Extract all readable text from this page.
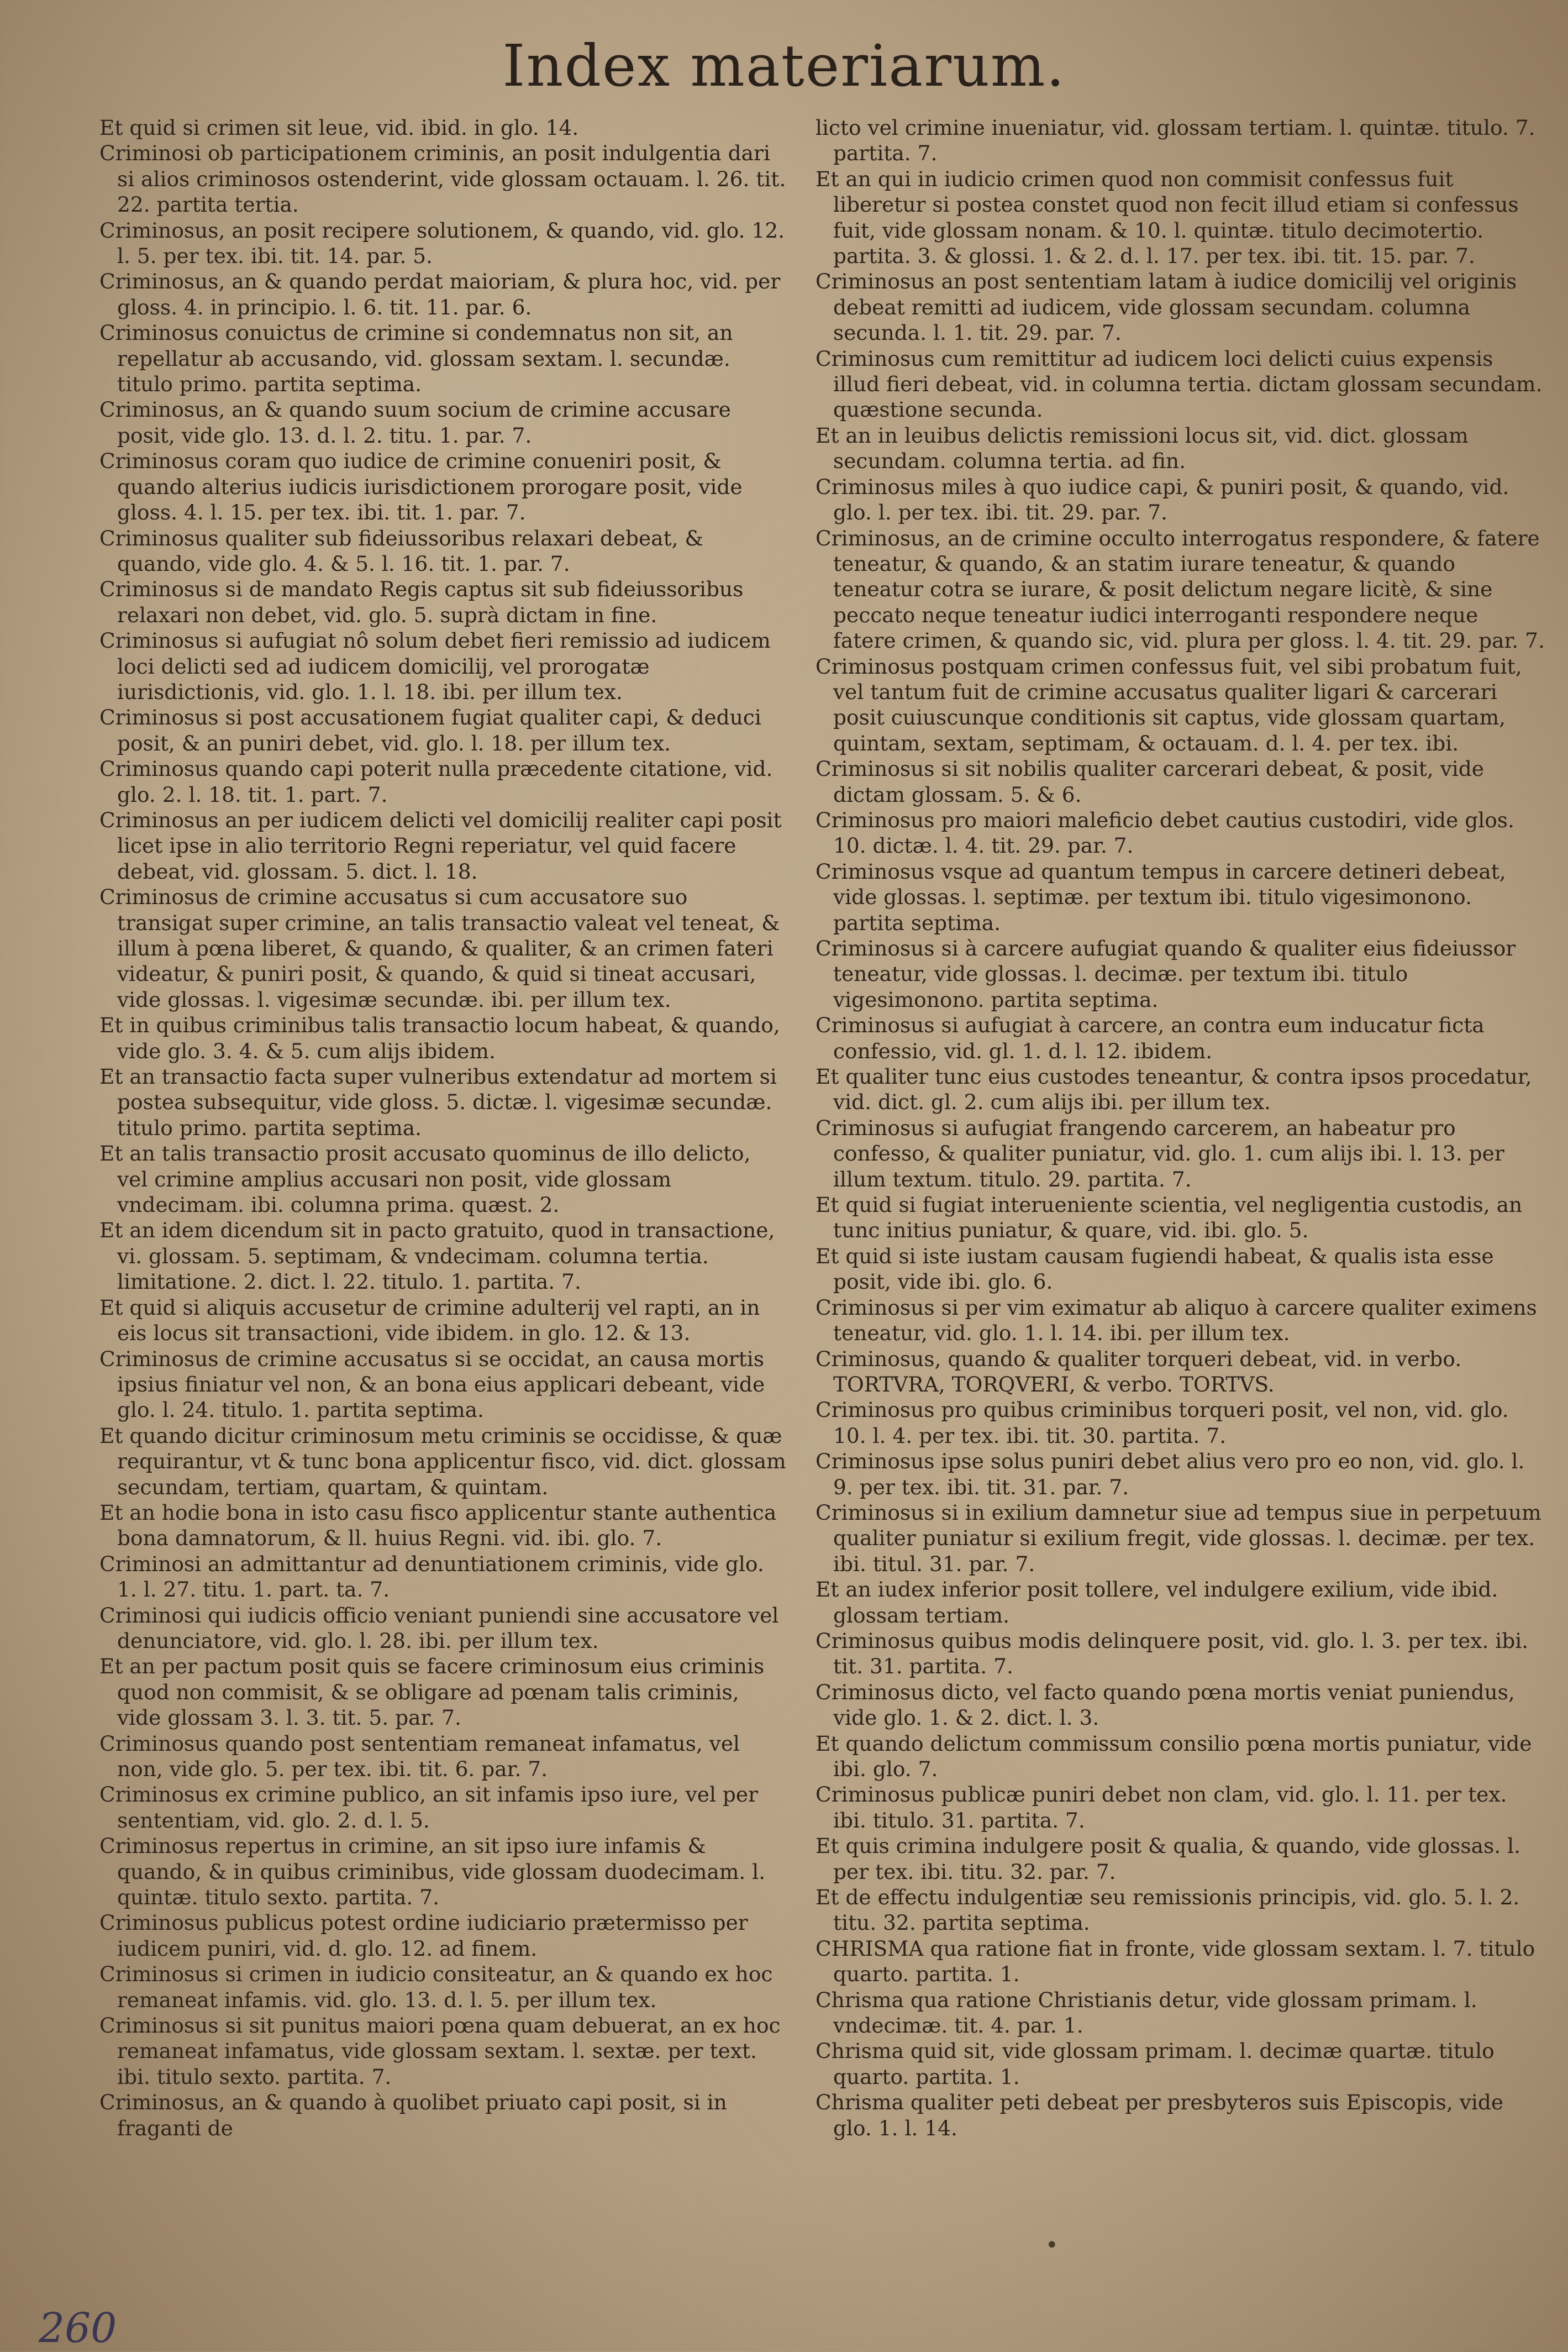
Index materiarum.
Et quid si crimen sit leue, vid. ibid. in glo. 14.
Criminosi ob participationem criminis, an posit indulgentia dari si alios criminosos ostenderint, vide glossam octauam. l. 26. tit. 22. partita tertia.
Criminosus, an posit recipere solutionem, & quando, vid. glo. 12. l. 5. per tex. ibi. tit. 14. par. 5.
Criminosus, an & quando perdat maioriam, & plura hoc, vid. per gloss. 4. in principio. l. 6. tit. 11. par. 6.
Criminosus conuictus de crimine si condemnatus non sit, an repellatur ab accusando, vid. glossam sextam. l. secundæ. titulo primo. partita septima.
Criminosus, an & quando suum socium de crimine accusare posit, vide glo. 13. d. l. 2. titu. 1. par. 7.
Criminosus coram quo iudice de crimine conueniri posit, & quando alterius iudicis iurisdictionem prorogare posit, vide gloss. 4. l. 15. per tex. ibi. tit. 1. par. 7.
Criminosus qualiter sub fideiussoribus relaxari debeat, & quando, vide glo. 4. & 5. l. 16. tit. 1. par. 7.
Criminosus si de mandato Regis captus sit sub fideiussoribus relaxari non debet, vid. glo. 5. suprà dictam in fine.
Criminosus si aufugiat nô solum debet fieri remissio ad iudicem loci delicti sed ad iudicem domicilij, vel prorogatæ iurisdictionis, vid. glo. 1. l. 18. ibi. per illum tex.
Criminosus si post accusationem fugiat qualiter capi, & deduci posit, & an puniri debet, vid. glo. l. 18. per illum tex.
Criminosus quando capi poterit nulla præcedente citatione, vid. glo. 2. l. 18. tit. 1. part. 7.
Criminosus an per iudicem delicti vel domicilij realiter capi posit licet ipse in alio territorio Regni reperiatur, vel quid facere debeat, vid. glossam. 5. dict. l. 18.
Criminosus de crimine accusatus si cum accusatore suo transigat super crimine, an talis transactio valeat vel teneat, & illum à pœna liberet, & quando, & qualiter, & an crimen fateri videatur, & puniri posit, & quando, & quid si tineat accusari, vide glossas. l. vigesimæ secundæ. ibi. per illum tex.
Et in quibus criminibus talis transactio locum habeat, & quando, vide glo. 3. 4. & 5. cum alijs ibidem.
Et an transactio facta super vulneribus extendatur ad mortem si postea subsequitur, vide gloss. 5. dictæ. l. vigesimæ secundæ. titulo primo. partita septima.
Et an talis transactio prosit accusato quominus de illo delicto, vel crimine amplius accusari non posit, vide glossam vndecimam. ibi. columna prima. quæst. 2.
Et an idem dicendum sit in pacto gratuito, quod in transactione, vi. glossam. 5. septimam, & vndecimam. columna tertia. limitatione. 2. dict. l. 22. titulo. 1. partita. 7.
Et quid si aliquis accusetur de crimine adulterij vel rapti, an in eis locus sit transactioni, vide ibidem. in glo. 12. & 13.
Criminosus de crimine accusatus si se occidat, an causa mortis ipsius finiatur vel non, & an bona eius applicari debeant, vide glo. l. 24. titulo. 1. partita septima.
Et quando dicitur criminosum metu criminis se occidisse, & quæ requirantur, vt & tunc bona applicentur fisco, vid. dict. glossam secundam, tertiam, quartam, & quintam.
Et an hodie bona in isto casu fisco applicentur stante authentica bona damnatorum, & ll. huius Regni. vid. ibi. glo. 7.
Criminosi an admittantur ad denuntiationem criminis, vide glo. 1. l. 27. titu. 1. part. ta. 7.
Criminosi qui iudicis officio veniant puniendi sine accusatore vel denunciatore, vid. glo. l. 28. ibi. per illum tex.
Et an per pactum posit quis se facere criminosum eius criminis quod non commisit, & se obligare ad pœnam talis criminis, vide glossam 3. l. 3. tit. 5. par. 7.
Criminosus quando post sententiam remaneat infamatus, vel non, vide glo. 5. per tex. ibi. tit. 6. par. 7.
Criminosus ex crimine publico, an sit infamis ipso iure, vel per sententiam, vid. glo. 2. d. l. 5.
Criminosus repertus in crimine, an sit ipso iure infamis & quando, & in quibus criminibus, vide glossam duodecimam. l. quintæ. titulo sexto. partita. 7.
Criminosus publicus potest ordine iudiciario prætermisso per iudicem puniri, vid. d. glo. 12. ad finem.
Criminosus si crimen in iudicio consiteatur, an & quando ex hoc remaneat infamis. vid. glo. 13. d. l. 5. per illum tex.
Criminosus si sit punitus maiori pœna quam debuerat, an ex hoc remaneat infamatus, vide glossam sextam. l. sextæ. per text. ibi. titulo sexto. partita. 7.
Criminosus, an & quando à quolibet priuato capi posit, si in fraganti de
licto vel crimine inueniatur, vid. glossam tertiam. l. quintæ. titulo. 7. partita. 7.
Et an qui in iudicio crimen quod non commisit confessus fuit liberetur si postea constet quod non fecit illud etiam si confessus fuit, vide glossam nonam. & 10. l. quintæ. titulo decimotertio. partita. 3. & glossi. 1. & 2. d. l. 17. per tex. ibi. tit. 15. par. 7.
Criminosus an post sententiam latam à iudice domicilij vel originis debeat remitti ad iudicem, vide glossam secundam. columna secunda. l. 1. tit. 29. par. 7.
Criminosus cum remittitur ad iudicem loci delicti cuius expensis illud fieri debeat, vid. in columna tertia. dictam glossam secundam. quæstione secunda.
Et an in leuibus delictis remissioni locus sit, vid. dict. glossam secundam. columna tertia. ad fin.
Criminosus miles à quo iudice capi, & puniri posit, & quando, vid. glo. l. per tex. ibi. tit. 29. par. 7.
Criminosus, an de crimine occulto interrogatus respondere, & fatere teneatur, & quando, & an statim iurare teneatur, & quando teneatur cotra se iurare, & posit delictum negare licitè, & sine peccato neque teneatur iudici interroganti respondere neque fatere crimen, & quando sic, vid. plura per gloss. l. 4. tit. 29. par. 7.
Criminosus postquam crimen confessus fuit, vel sibi probatum fuit, vel tantum fuit de crimine accusatus qualiter ligari & carcerari posit cuiuscunque conditionis sit captus, vide glossam quartam, quintam, sextam, septimam, & octauam. d. l. 4. per tex. ibi.
Criminosus si sit nobilis qualiter carcerari debeat, & posit, vide dictam glossam. 5. & 6.
Criminosus pro maiori maleficio debet cautius custodiri, vide glos. 10. dictæ. l. 4. tit. 29. par. 7.
Criminosus vsque ad quantum tempus in carcere detineri debeat, vide glossas. l. septimæ. per textum ibi. titulo vigesimonono. partita septima.
Criminosus si à carcere aufugiat quando & qualiter eius fideiussor teneatur, vide glossas. l. decimæ. per textum ibi. titulo vigesimonono. partita septima.
Criminosus si aufugiat à carcere, an contra eum inducatur ficta confessio, vid. gl. 1. d. l. 12. ibidem.
Et qualiter tunc eius custodes teneantur, & contra ipsos procedatur, vid. dict. gl. 2. cum alijs ibi. per illum tex.
Criminosus si aufugiat frangendo carcerem, an habeatur pro confesso, & qualiter puniatur, vid. glo. 1. cum alijs ibi. l. 13. per illum textum. titulo. 29. partita. 7.
Et quid si fugiat interueniente scientia, vel negligentia custodis, an tunc initius puniatur, & quare, vid. ibi. glo. 5.
Et quid si iste iustam causam fugiendi habeat, & qualis ista esse posit, vide ibi. glo. 6.
Criminosus si per vim eximatur ab aliquo à carcere qualiter eximens teneatur, vid. glo. 1. l. 14. ibi. per illum tex.
Criminosus, quando & qualiter torqueri debeat, vid. in verbo. TORTVRA, TORQVERI, & verbo. TORTVS.
Criminosus pro quibus criminibus torqueri posit, vel non, vid. glo. 10. l. 4. per tex. ibi. tit. 30. partita. 7.
Criminosus ipse solus puniri debet alius vero pro eo non, vid. glo. l. 9. per tex. ibi. tit. 31. par. 7.
Criminosus si in exilium damnetur siue ad tempus siue in perpetuum qualiter puniatur si exilium fregit, vide glossas. l. decimæ. per tex. ibi. titul. 31. par. 7.
Et an iudex inferior posit tollere, vel indulgere exilium, vide ibid. glossam tertiam.
Criminosus quibus modis delinquere posit, vid. glo. l. 3. per tex. ibi. tit. 31. partita. 7.
Criminosus dicto, vel facto quando pœna mortis veniat puniendus, vide glo. 1. & 2. dict. l. 3.
Et quando delictum commissum consilio pœna mortis puniatur, vide ibi. glo. 7.
Criminosus publicæ puniri debet non clam, vid. glo. l. 11. per tex. ibi. titulo. 31. partita. 7.
Et quis crimina indulgere posit & qualia, & quando, vide glossas. l. per tex. ibi. titu. 32. par. 7.
Et de effectu indulgentiæ seu remissionis principis, vid. glo. 5. l. 2. titu. 32. partita septima.
CHRISMA qua ratione fiat in fronte, vide glossam sextam. l. 7. titulo quarto. partita. 1.
Chrisma qua ratione Christianis detur, vide glossam primam. l. vndecimæ. tit. 4. par. 1.
Chrisma quid sit, vide glossam primam. l. decimæ quartæ. titulo quarto. partita. 1.
Chrisma qualiter peti debeat per presbyteros suis Episcopis, vide glo. 1. l. 14.
•
260
